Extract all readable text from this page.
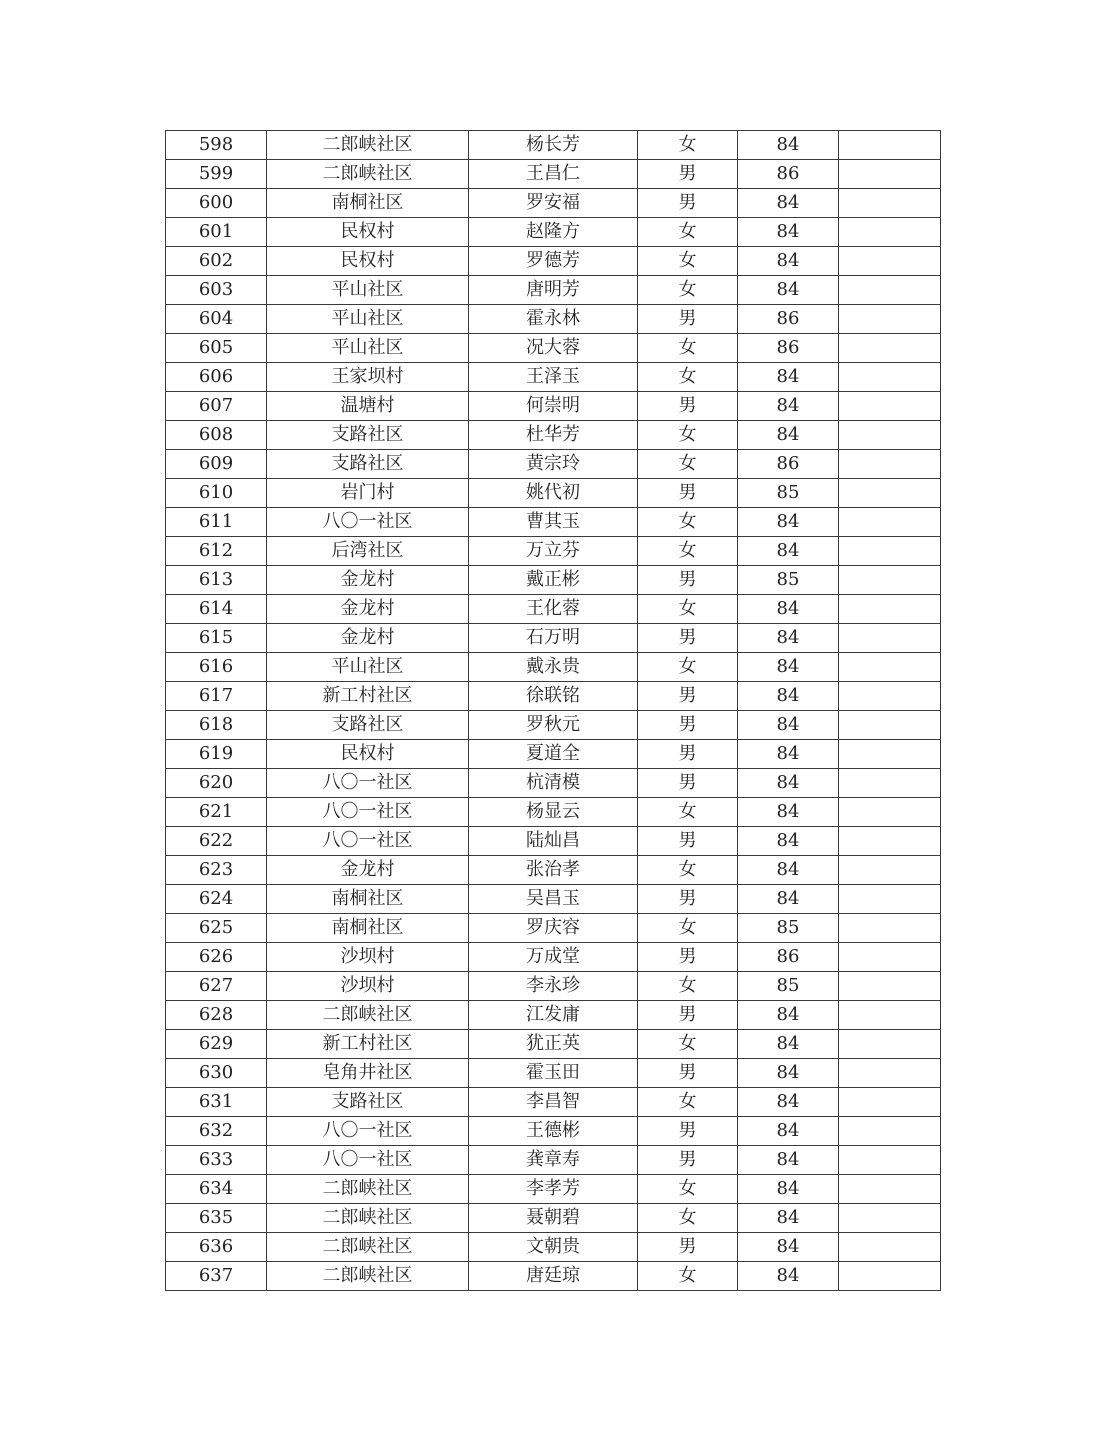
598	二郎峡社区	杨长芳	女	84	
599	二郎峡社区	王昌仁	男	86	
600	南桐社区	罗安福	男	84	
601	民权村	赵隆方	女	84	
602	民权村	罗德芳	女	84	
603	平山社区	唐明芳	女	84	
604	平山社区	霍永林	男	86	
605	平山社区	况大蓉	女	86	
606	王家坝村	王泽玉	女	84	
607	温塘村	何崇明	男	84	
608	支路社区	杜华芳	女	84	
609	支路社区	黄宗玲	女	86	
610	岩门村	姚代初	男	85	
611	八〇一社区	曹其玉	女	84	
612	后湾社区	万立芬	女	84	
613	金龙村	戴正彬	男	85	
614	金龙村	王化蓉	女	84	
615	金龙村	石万明	男	84	
616	平山社区	戴永贵	女	84	
617	新工村社区	徐联铭	男	84	
618	支路社区	罗秋元	男	84	
619	民权村	夏道全	男	84	
620	八〇一社区	杭清模	男	84	
621	八〇一社区	杨显云	女	84	
622	八〇一社区	陆灿昌	男	84	
623	金龙村	张治孝	女	84	
624	南桐社区	吴昌玉	男	84	
625	南桐社区	罗庆容	女	85	
626	沙坝村	万成堂	男	86	
627	沙坝村	李永珍	女	85	
628	二郎峡社区	江发庸	男	84	
629	新工村社区	犹正英	女	84	
630	皂角井社区	霍玉田	男	84	
631	支路社区	李昌智	女	84	
632	八〇一社区	王德彬	男	84	
633	八〇一社区	龚章寿	男	84	
634	二郎峡社区	李孝芳	女	84	
635	二郎峡社区	聂朝碧	女	84	
636	二郎峡社区	文朝贵	男	84	
637	二郎峡社区	唐廷琼	女	84	
